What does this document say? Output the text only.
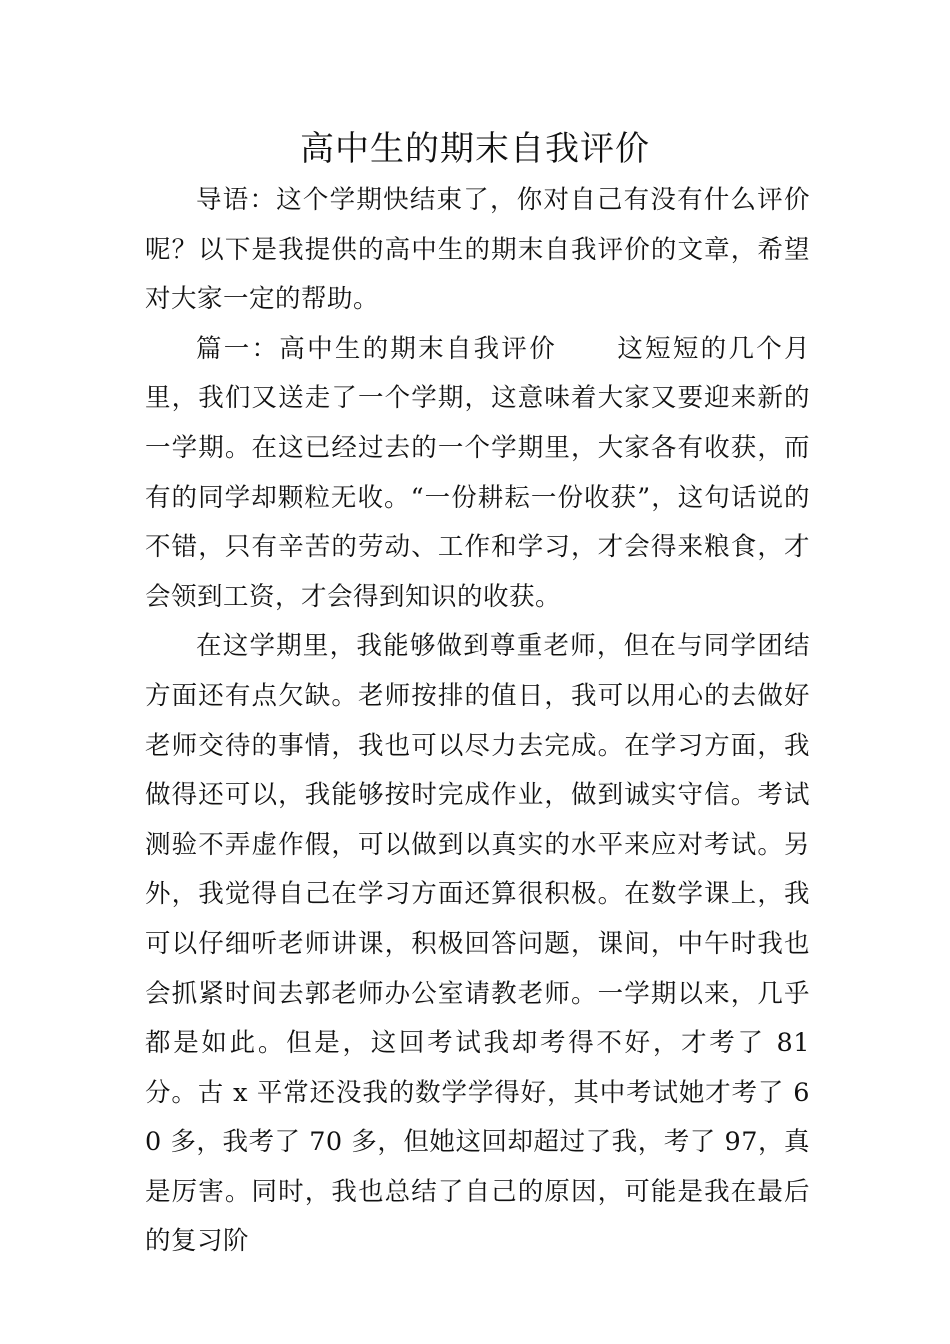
高中生的期末自我评价

导语：这个学期快结束了，你对自己有没有什么评价呢？以下是我提供的高中生的期末自我评价的文章，希望对大家一定的帮助。

篇一：高中生的期末自我评价 这短短的几个月里，我们又送走了一个学期，这意味着大家又要迎来新的一学期。在这已经过去的一个学期里，大家各有收获，而有的同学却颗粒无收。“一份耕耘一份收获”，这句话说的不错，只有辛苦的劳动、工作和学习，才会得来粮食，才会领到工资，才会得到知识的收获。

在这学期里，我能够做到尊重老师，但在与同学团结方面还有点欠缺。老师按排的值日，我可以用心的去做好老师交待的事情，我也可以尽力去完成。在学习方面，我做得还可以，我能够按时完成作业，做到诚实守信。考试测验不弄虚作假，可以做到以真实的水平来应对考试。另外，我觉得自己在学习方面还算很积极。在数学课上，我可以仔细听老师讲课，积极回答问题，课间，中午时我也会抓紧时间去郭老师办公室请教老师。一学期以来，几乎都是如此。但是，这回考试我却考得不好，才考了 81 分。古 x 平常还没我的数学学得好，其中考试她才考了 60 多，我考了 70 多，但她这回却超过了我，考了 97，真是厉害。同时，我也总结了自己的原因，可能是我在最后的复习阶
